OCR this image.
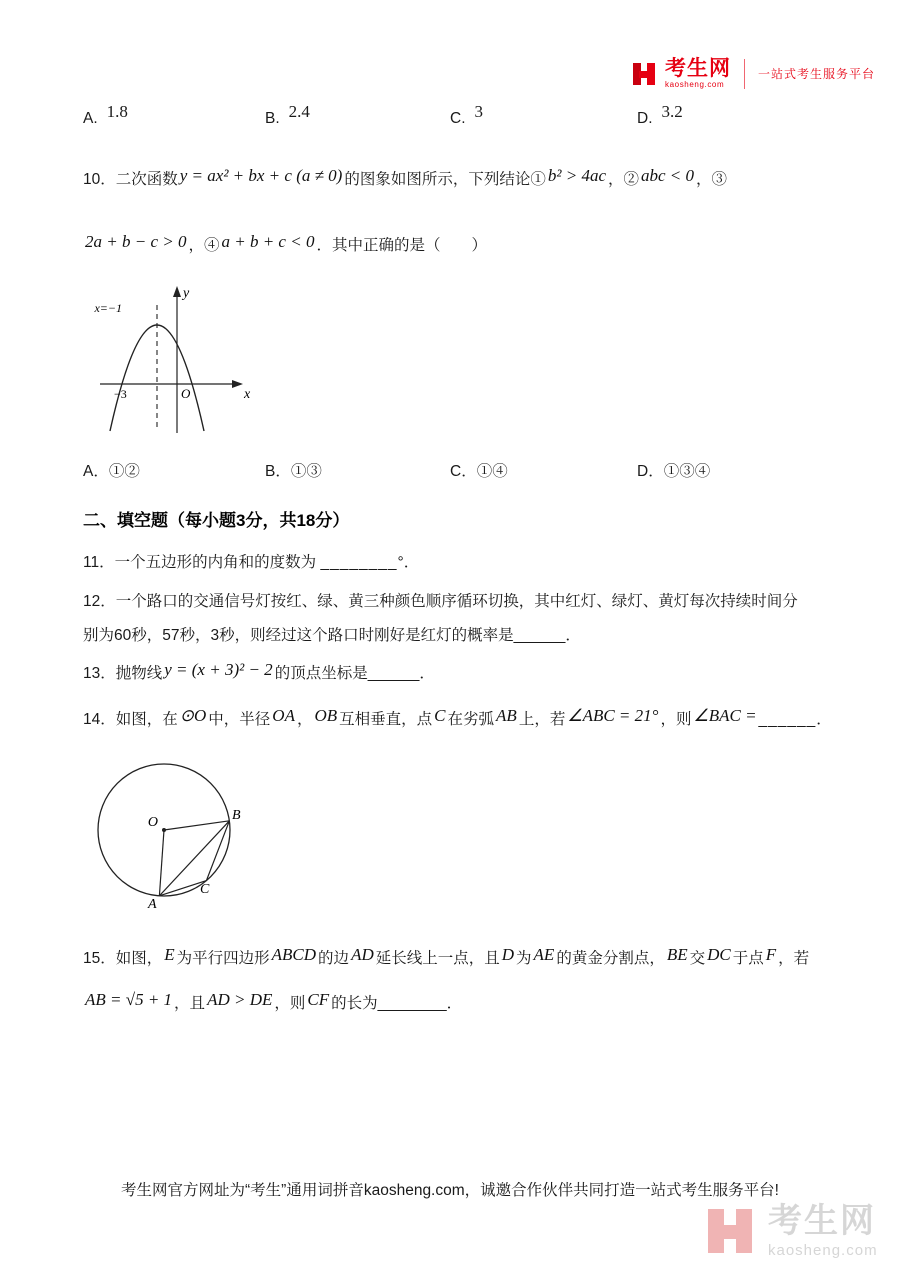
考生网
kaosheng.com
一站式考生服务平台
A. 1.8	B. 2.4	C. 3	D. 3.2
10．二次函数 y = ax² + bx + c (a ≠ 0) 的图象如图所示，下列结论① b² > 4ac ，② abc < 0 ，③
2a + b − c > 0 ，④ a + b + c < 0 ．其中正确的是（　　）
y
x
O
x=−1
−3
A．①②	B．①③	C．①④	D．①③④
二、填空题（每小题3分，共18分）
11．一个五边形的内角和的度数为 ________°．
12．一个路口的交通信号灯按红、绿、黄三种颜色顺序循环切换，其中红灯、绿灯、黄灯每次持续时间分
别为60秒，57秒，3秒，则经过这个路口时刚好是红灯的概率是______．
13．抛物线 y = (x + 3)² − 2 的顶点坐标是______．
14．如图，在 ⊙O 中，半径 OA ， OB 互相垂直，点 C 在劣弧 AB 上，若 ∠ABC = 21° ，则 ∠BAC = ______．
O	B
A
C
15．如图， E 为平行四边形 ABCD 的边 AD 延长线上一点，且 D 为 AE 的黄金分割点， BE 交 DC 于点 F ，若
AB = √5 + 1 ，且 AD > DE ，则 CF 的长为________．
考生网官方网址为“考生”通用词拼音kaosheng.com，诚邀合作伙伴共同打造一站式考生服务平台!
考生网
kaosheng.com
